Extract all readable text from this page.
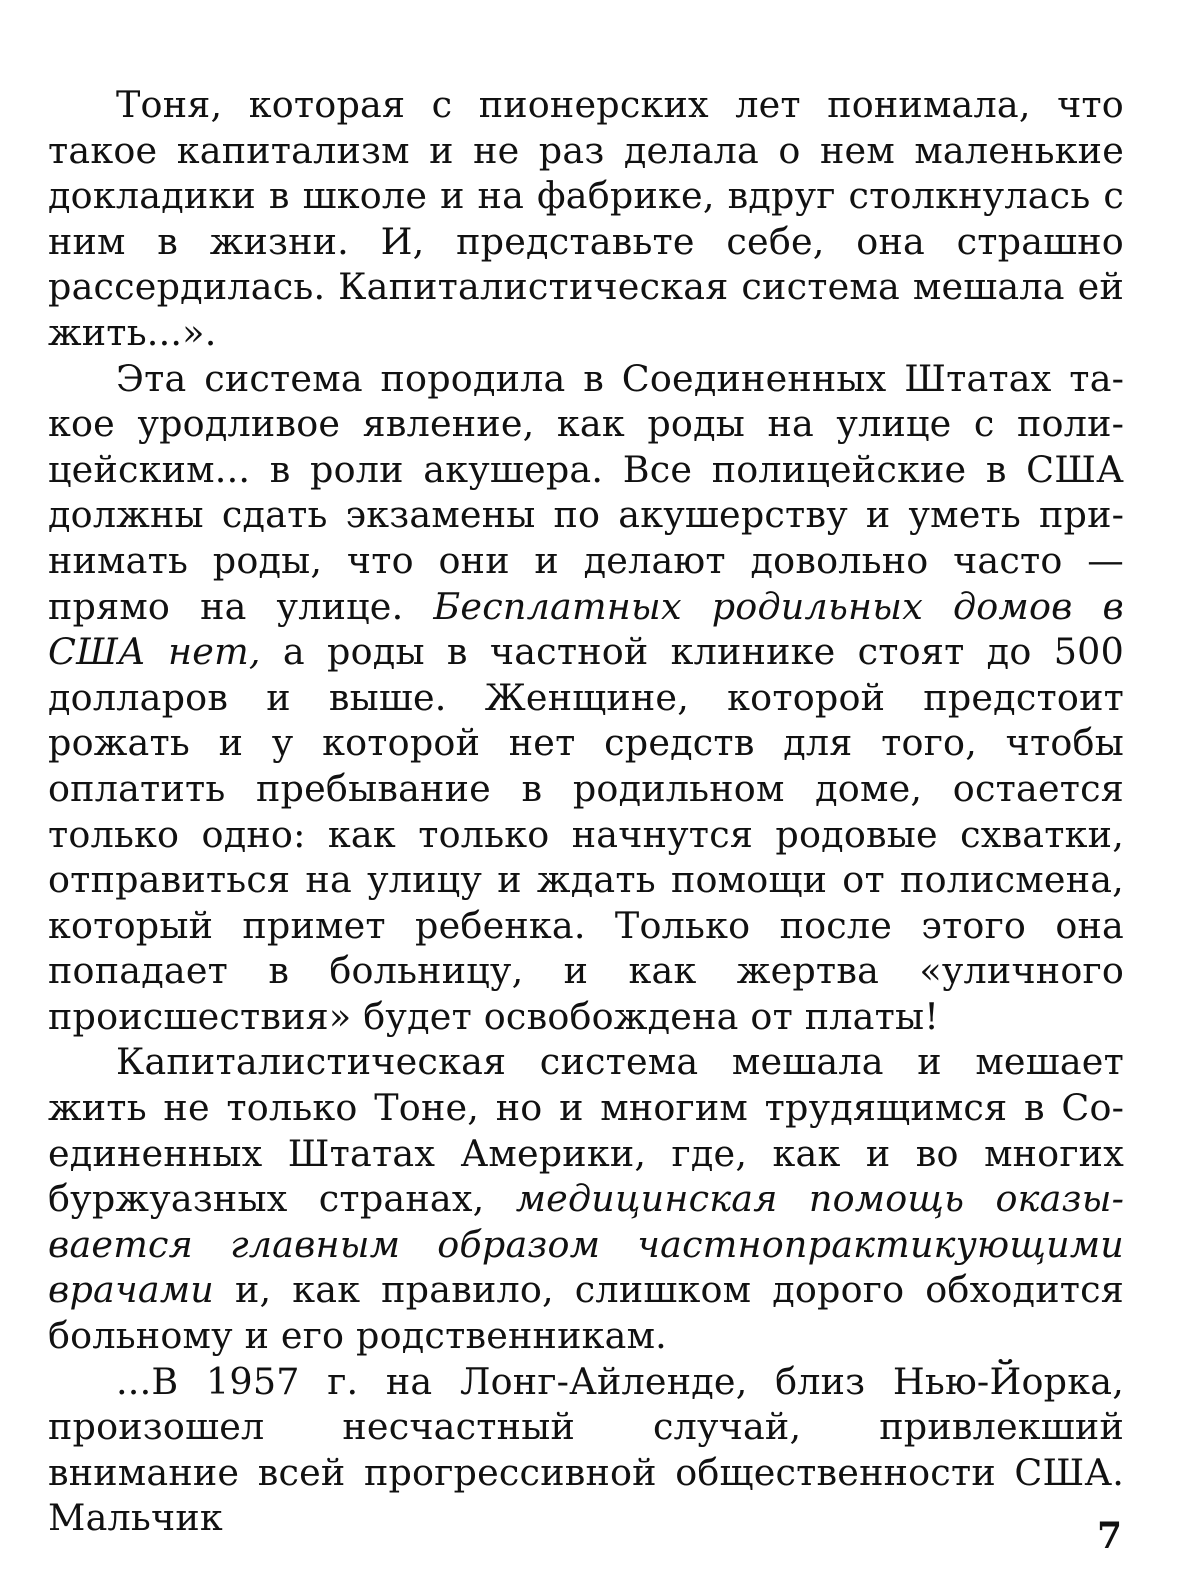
Тоня, которая с пионерских лет понимала, что такое капитализм и не раз делала о нем маленькие докладики в школе и на фабрике, вдруг столкнулась с ним в жизни. И, представьте себе, она страшно рассердилась. Капиталистическая система мешала ей жить...».

Эта система породила в Соединенных Штатах такое уродливое явление, как роды на улице с полицейским... в роли акушера. Все полицейские в США должны сдать экзамены по акушерству и уметь принимать роды, что они и делают довольно часто — прямо на улице. Бесплатных родильных домов в США нет, а роды в частной клинике стоят до 500 долларов и выше. Женщине, которой предстоит рожать и у которой нет средств для того, чтобы оплатить пребывание в родильном доме, остается только одно: как только начнутся родовые схватки, отправиться на улицу и ждать помощи от полисмена, который примет ребенка. Только после этого она попадает в больницу, и как жертва «уличного происшествия» будет освобождена от платы!

Капиталистическая система мешала и мешает жить не только Тоне, но и многим трудящимся в Соединенных Штатах Америки, где, как и во многих буржуазных странах, медицинская помощь оказывается главным образом частнопрактикующими врачами и, как правило, слишком дорого обходится больному и его родственникам.

...В 1957 г. на Лонг-Айленде, близ Нью-Йорка, произошел несчастный случай, привлекший внимание всей прогрессивной общественности США. Мальчик	7
